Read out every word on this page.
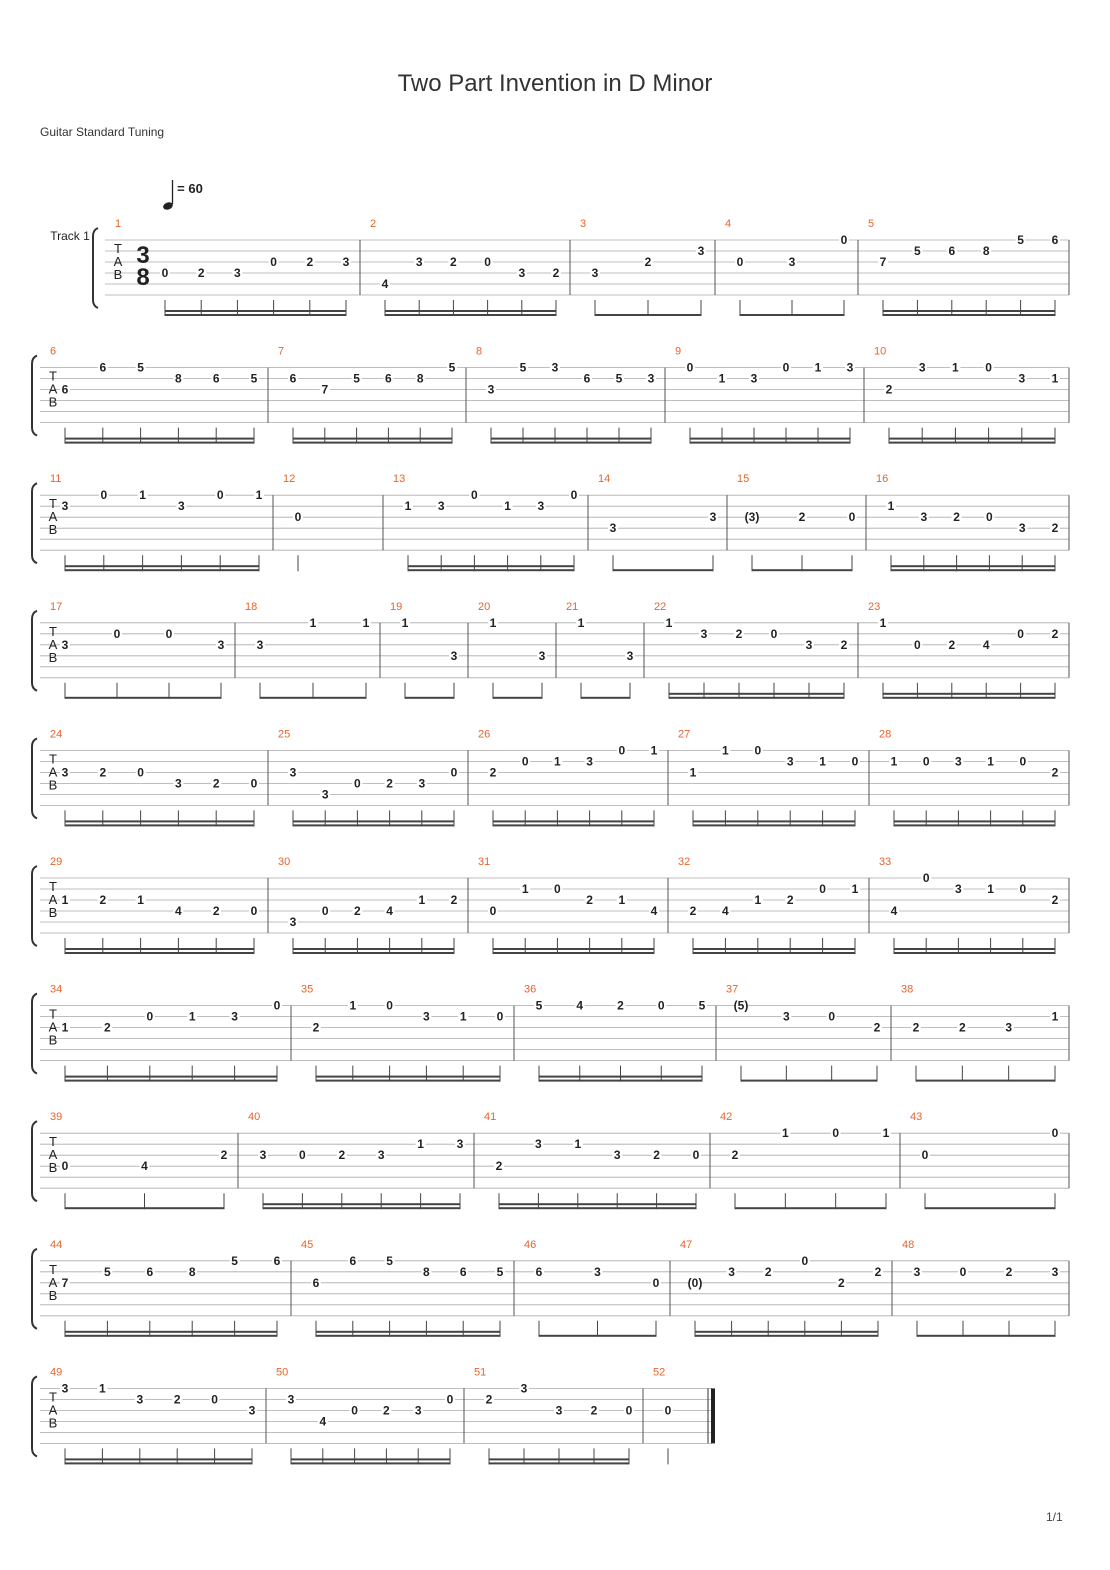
Two Part Invention in D Minor
Guitar Standard Tuning
1/1
T
A
B
Track 1
= 60
3
8
1
0 2 3
0 2 3
2
4
3 2 0
3 2
3
3
2
3
4
0	3
0
5
7
5 6 8
5 6
T
A
B
6
6
6	5
8	6	5
7
6
7
5 6 8
5
8
3
5 3
6 5 3
9
0
1 3
0 1 3
10
2
3 1 0
3 1
T
A
B
11
3
0	1
3
0	1
12
0
13
1 3
0
1 3
0
14
3
3
15
(3)	2	0
16
1
3 2 0
3 2
T
A
B
17
3
0	0
3
18
3
1	1
19
1
3
20
1
3
21
1
3
22
1
3 2 0
3 2
23
1
0 2 4
0 2
T
A
B
24
3	2	0
3	2	0
25
3
3
0 2 3
0
26
2
0 1 3
0 1
27
1
1 0
3 1 0
28
1 0 3 1 0
2
T
A
B
29
1	2	1
4	2	0
30
3
0 2 4
1 2
31
0
1 0
2 1
4
32
2 4
1 2
0 1
33
4
0
3 1 0
2
T
A
B
34
1	2
0	1	3
0
35
2
1	0
3	1	0
36
5	4	2	0	5
37
(5)
3	0
2
38
2	2	3
1
T
A
B
39
0	4
2
40
3	0	2	3
1	3
41
2
3	1
3	2	0
42
2
1	0	1
43
0
0
T
A
B
44
7
5	6	8
5	6
45
6
6	5
8	6	5
46
6	3
0
47
(0)
3 2
0
2
2
48
3	0	2	3
T
A
B
49
3	1
3	2	0
3
50
3
4
0 2 3
0
51
2
3
3 2 0
52
0
